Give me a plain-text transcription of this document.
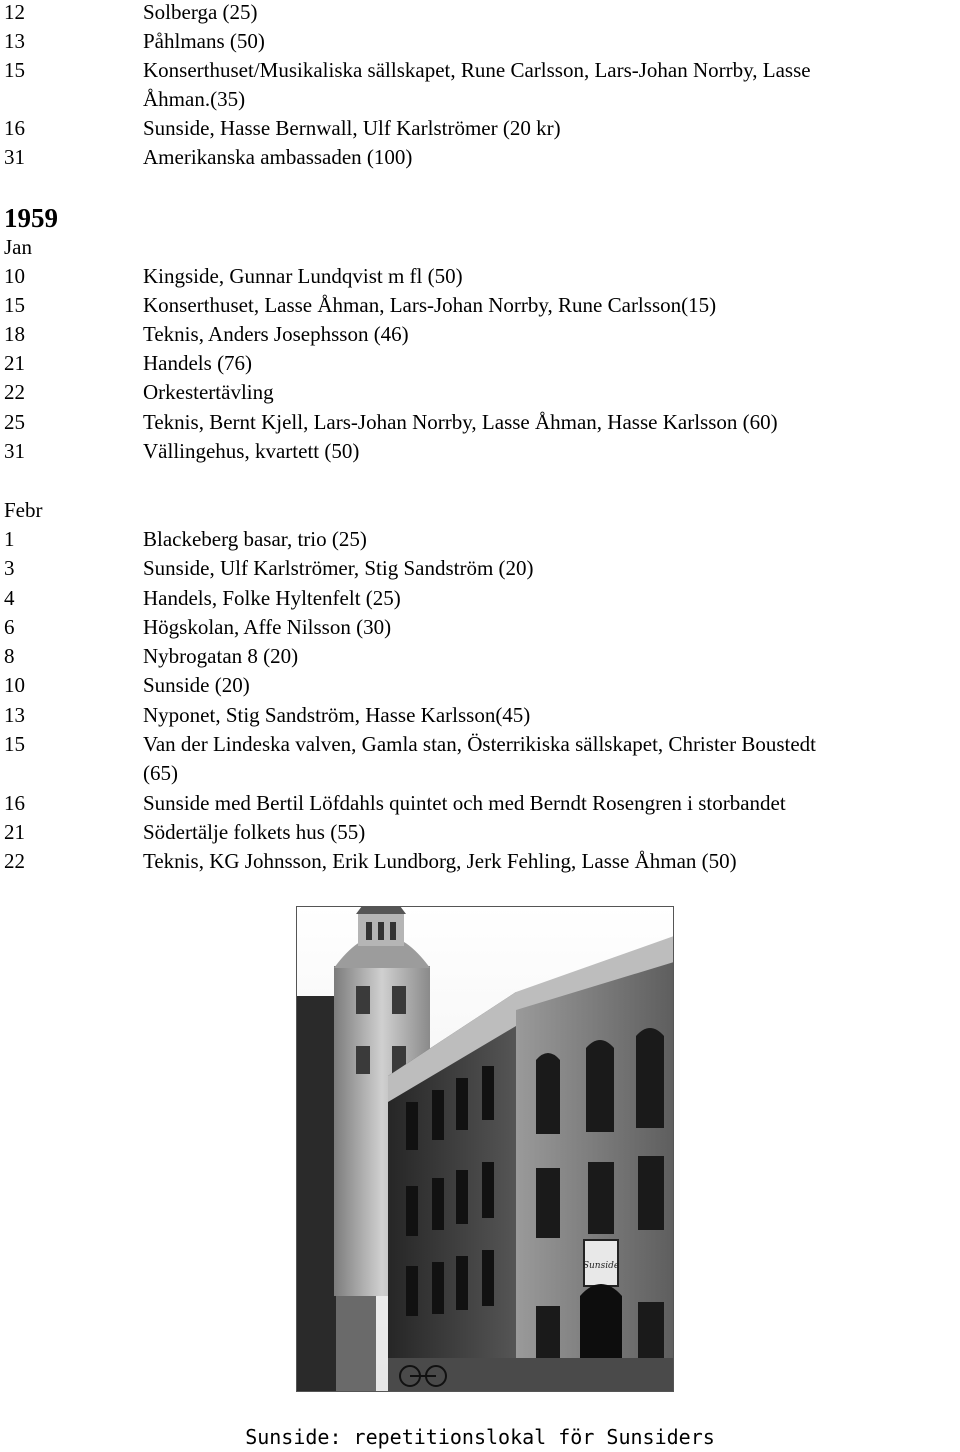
12	Solberga (25)
13	Påhlmans (50)
15	Konserthuset/Musikaliska sällskapet, Rune Carlsson, Lars-Johan Norrby, Lasse
Åhman.(35)
16	Sunside, Hasse Bernwall, Ulf Karlströmer (20 kr)
31	Amerikanska ambassaden (100)
1959
Jan
10	Kingside, Gunnar Lundqvist m fl (50)
15	Konserthuset, Lasse Åhman, Lars-Johan Norrby, Rune Carlsson(15)
18	Teknis, Anders Josephsson (46)
21	Handels (76)
22	Orkestertävling
25	Teknis, Bernt Kjell, Lars-Johan Norrby, Lasse Åhman, Hasse Karlsson (60)
31	Vällingehus, kvartett (50)
Febr
1	Blackeberg basar, trio (25)
3	Sunside, Ulf Karlströmer, Stig Sandström (20)
4	Handels, Folke Hyltenfelt (25)
6	Högskolan, Affe Nilsson (30)
8	Nybrogatan 8 (20)
10	Sunside (20)
13	Nyponet, Stig Sandström, Hasse Karlsson(45)
15	Van der Lindeska valven, Gamla stan, Österrikiska sällskapet, Christer Boustedt
(65)
16	Sunside med Bertil Löfdahls quintet och med Berndt Rosengren i storbandet
21	Södertälje folkets hus (55)
22	Teknis, KG Johnsson, Erik Lundborg, Jerk Fehling, Lasse Åhman (50)
Sunside
Sunside: repetitionslokal för Sunsiders
